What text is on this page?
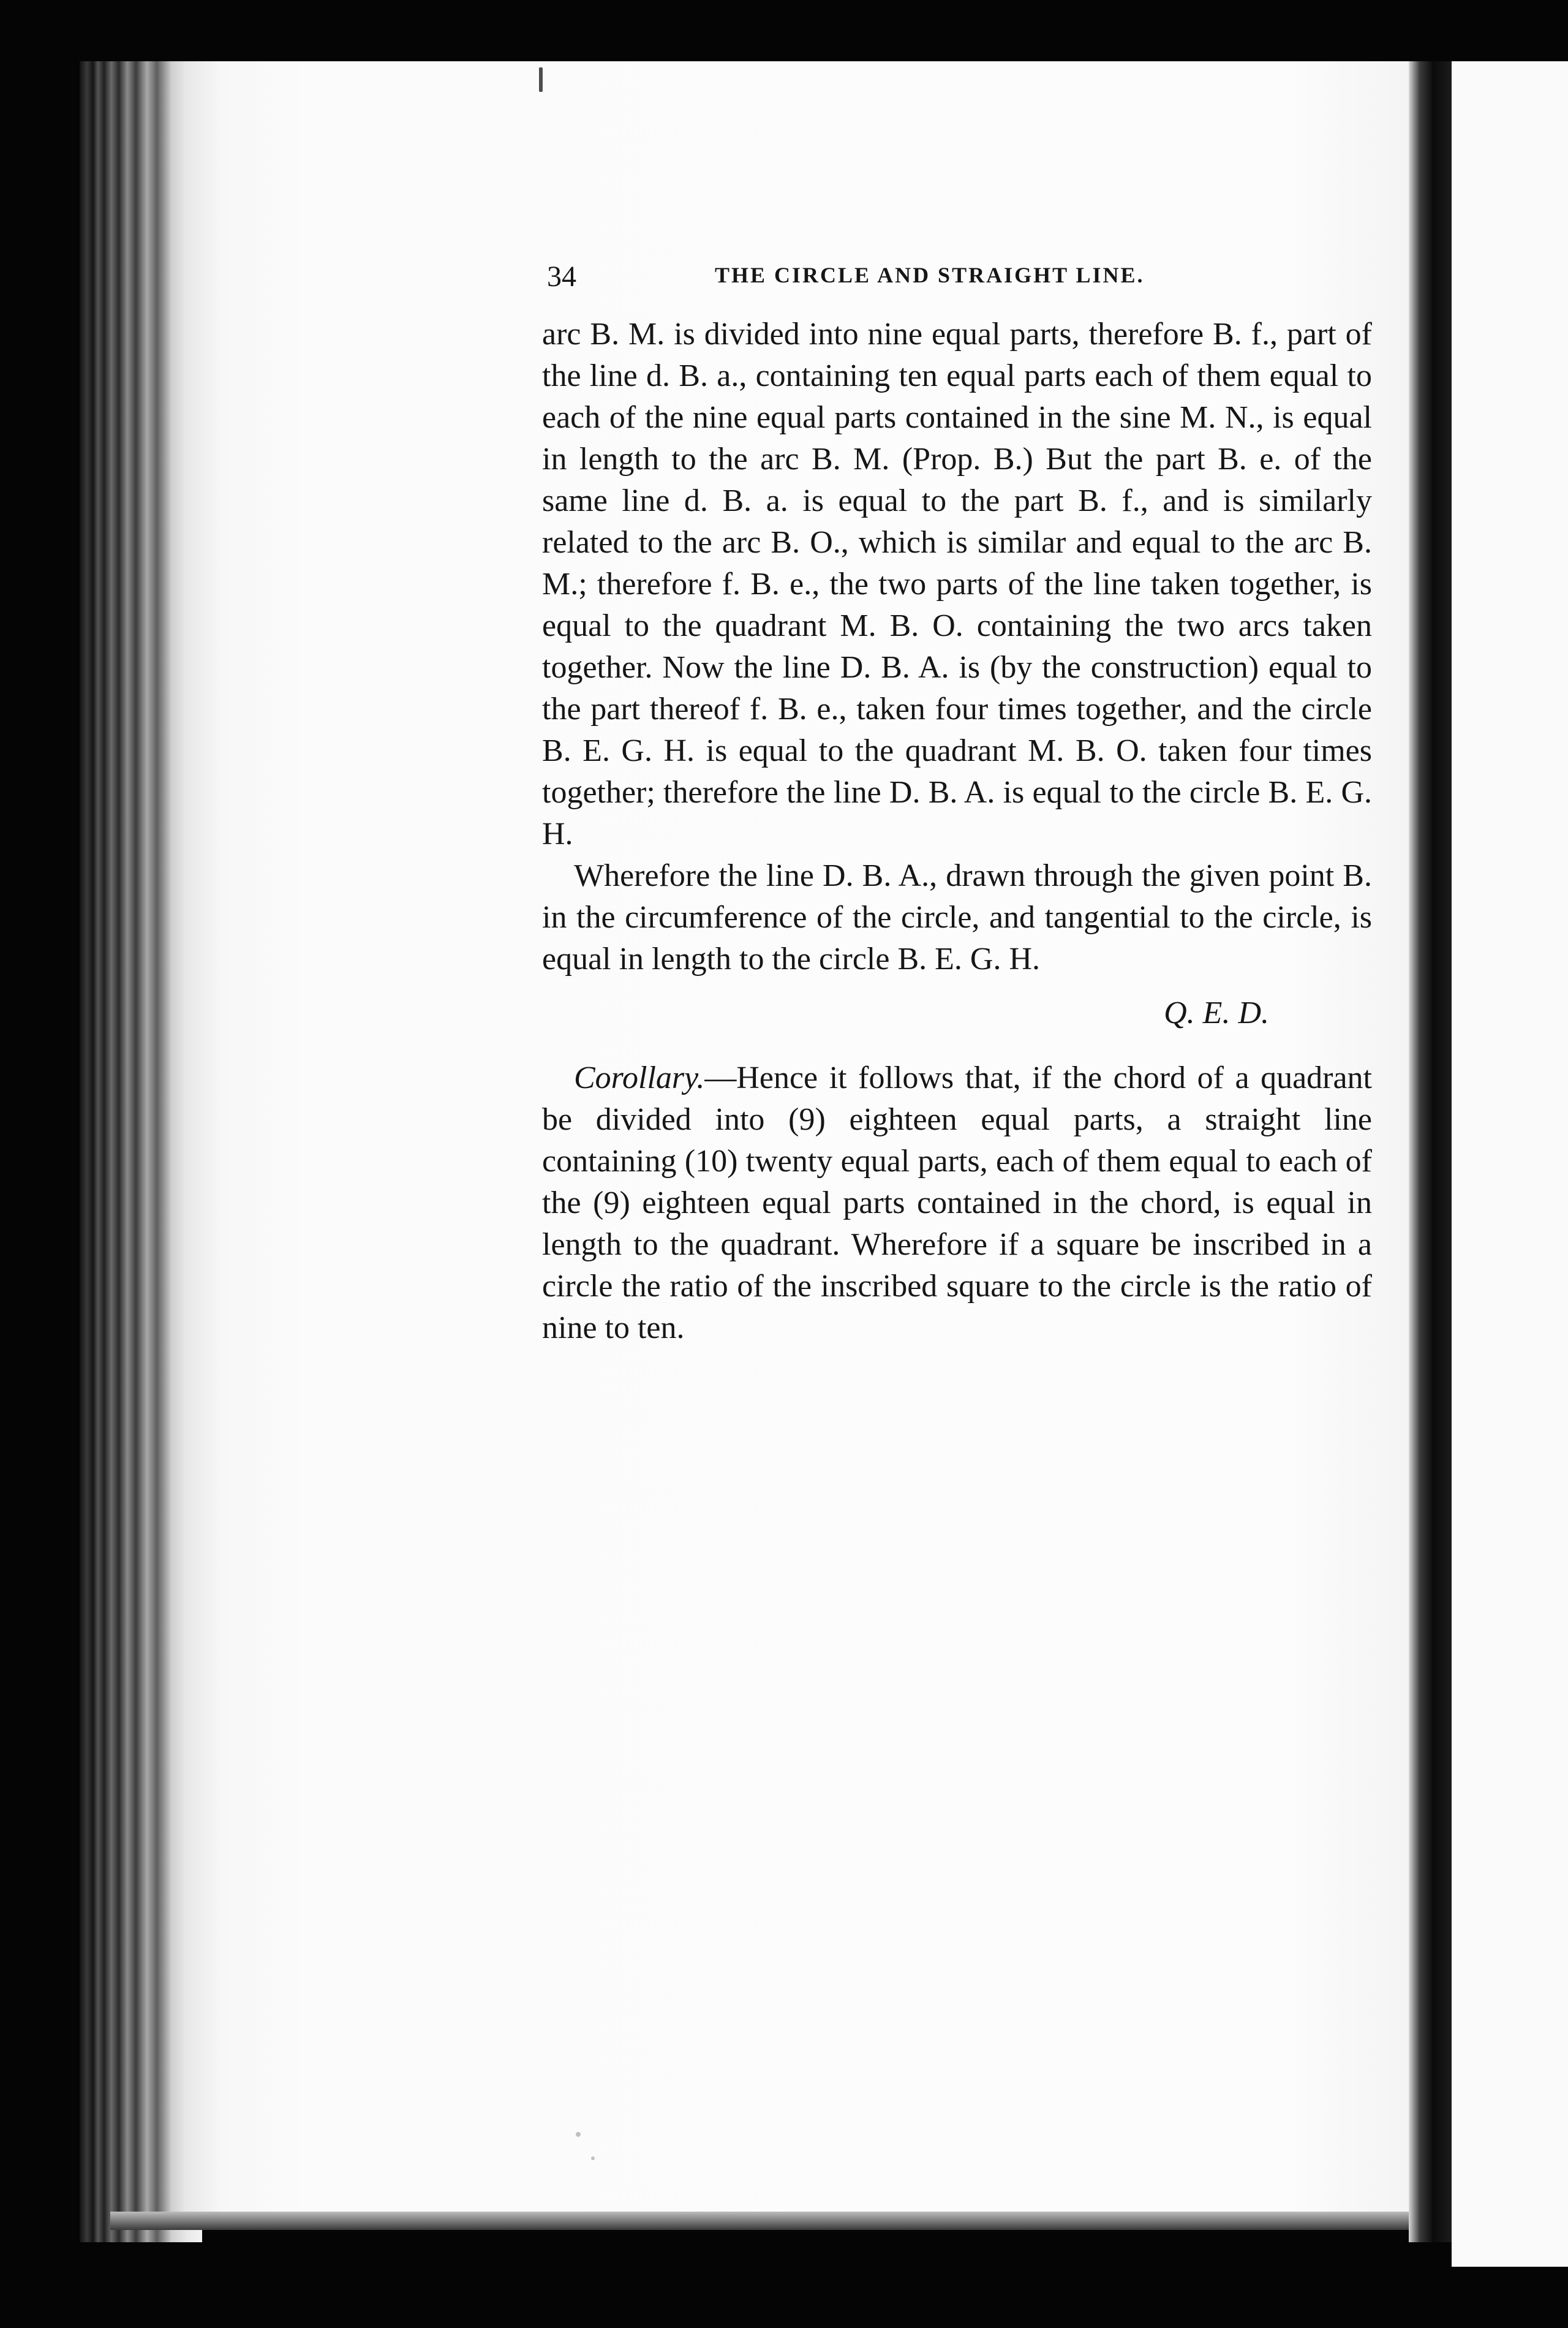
34	THE CIRCLE AND STRAIGHT LINE.

arc B. M. is divided into nine equal parts, therefore B. f., part of the line d. B. a., containing ten equal parts each of them equal to each of the nine equal parts contained in the sine M. N., is equal in length to the arc B. M. (Prop. B.) But the part B. e. of the same line d. B. a. is equal to the part B. f., and is similarly related to the arc B. O., which is similar and equal to the arc B. M.; therefore f. B. e., the two parts of the line taken together, is equal to the quadrant M. B. O. containing the two arcs taken together. Now the line D. B. A. is (by the construction) equal to the part thereof f. B. e., taken four times together, and the circle B. E. G. H. is equal to the quadrant M. B. O. taken four times together; therefore the line D. B. A. is equal to the circle B. E. G. H.

Wherefore the line D. B. A., drawn through the given point B. in the circumference of the circle, and tangential to the circle, is equal in length to the circle B. E. G. H.

Q. E. D.

Corollary.—Hence it follows that, if the chord of a quadrant be divided into (9) eighteen equal parts, a straight line containing (10) twenty equal parts, each of them equal to each of the (9) eighteen equal parts contained in the chord, is equal in length to the quadrant. Wherefore if a square be inscribed in a circle the ratio of the inscribed square to the circle is the ratio of nine to ten.
